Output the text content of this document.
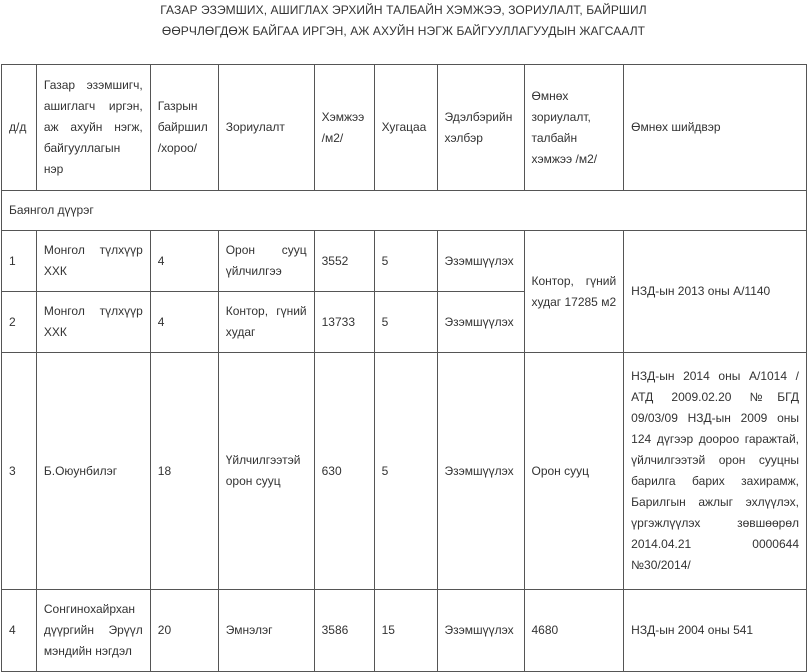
ГАЗАР ЭЗЭМШИХ, АШИГЛАХ ЭРХИЙН ТАЛБАЙН ХЭМЖЭЭ, ЗОРИУЛАЛТ, БАЙРШИЛ
ӨӨРЧЛӨГДӨЖ БАЙГАА ИРГЭН, АЖ АХУЙН НЭГЖ БАЙГУУЛЛАГУУДЫН ЖАГСААЛТ
д/д	Газар эзэмшигч, ашиглагч иргэн, аж ахуйн нэгж, байгууллагын нэр	Газрын байршил /хороо/	Зориулалт	Хэмжээ /м2/	Хугацаа	Эдэлбэрийн хэлбэр	Өмнөх зориулалт, талбайн хэмжээ /м2/	Өмнөх шийдвэр
Баянгол дүүрэг								
1	Монгол түлхүүр ХХК	4	Орон сууц үйлчилгээ	3552	5	Эзэмшүүлэх	Контор, гүний худаг 17285 м2	НЗД-ын 2013 оны А/1140
2	Монгол түлхүүр ХХК	4	Контор, гүний худаг	13733	5	Эзэмшүүлэх		
3	Б.Оюунбилэг	18	Үйлчилгээтэй орон сууц	630	5	Эзэмшүүлэх	Орон сууц	НЗД-ын 2014 оны А/1014 /АТД 2009.02.20 №БГД 09/03/09 НЗД-ын 2009 оны 124 дүгээр доороо гаражтай, үйлчилгээтэй орон сууцны барилга барих захирамж, Барилгын ажлыг эхлүүлэх, үргэжлүүлэх зөвшөөрөл 2014.04.21 0000644 №30/2014/
4	Сонгинохайрхан дүүргийн Эрүүл мэндийн нэгдэл	20	Эмнэлэг	3586	15	Эзэмшүүлэх	4680	НЗД-ын 2004 оны 541
